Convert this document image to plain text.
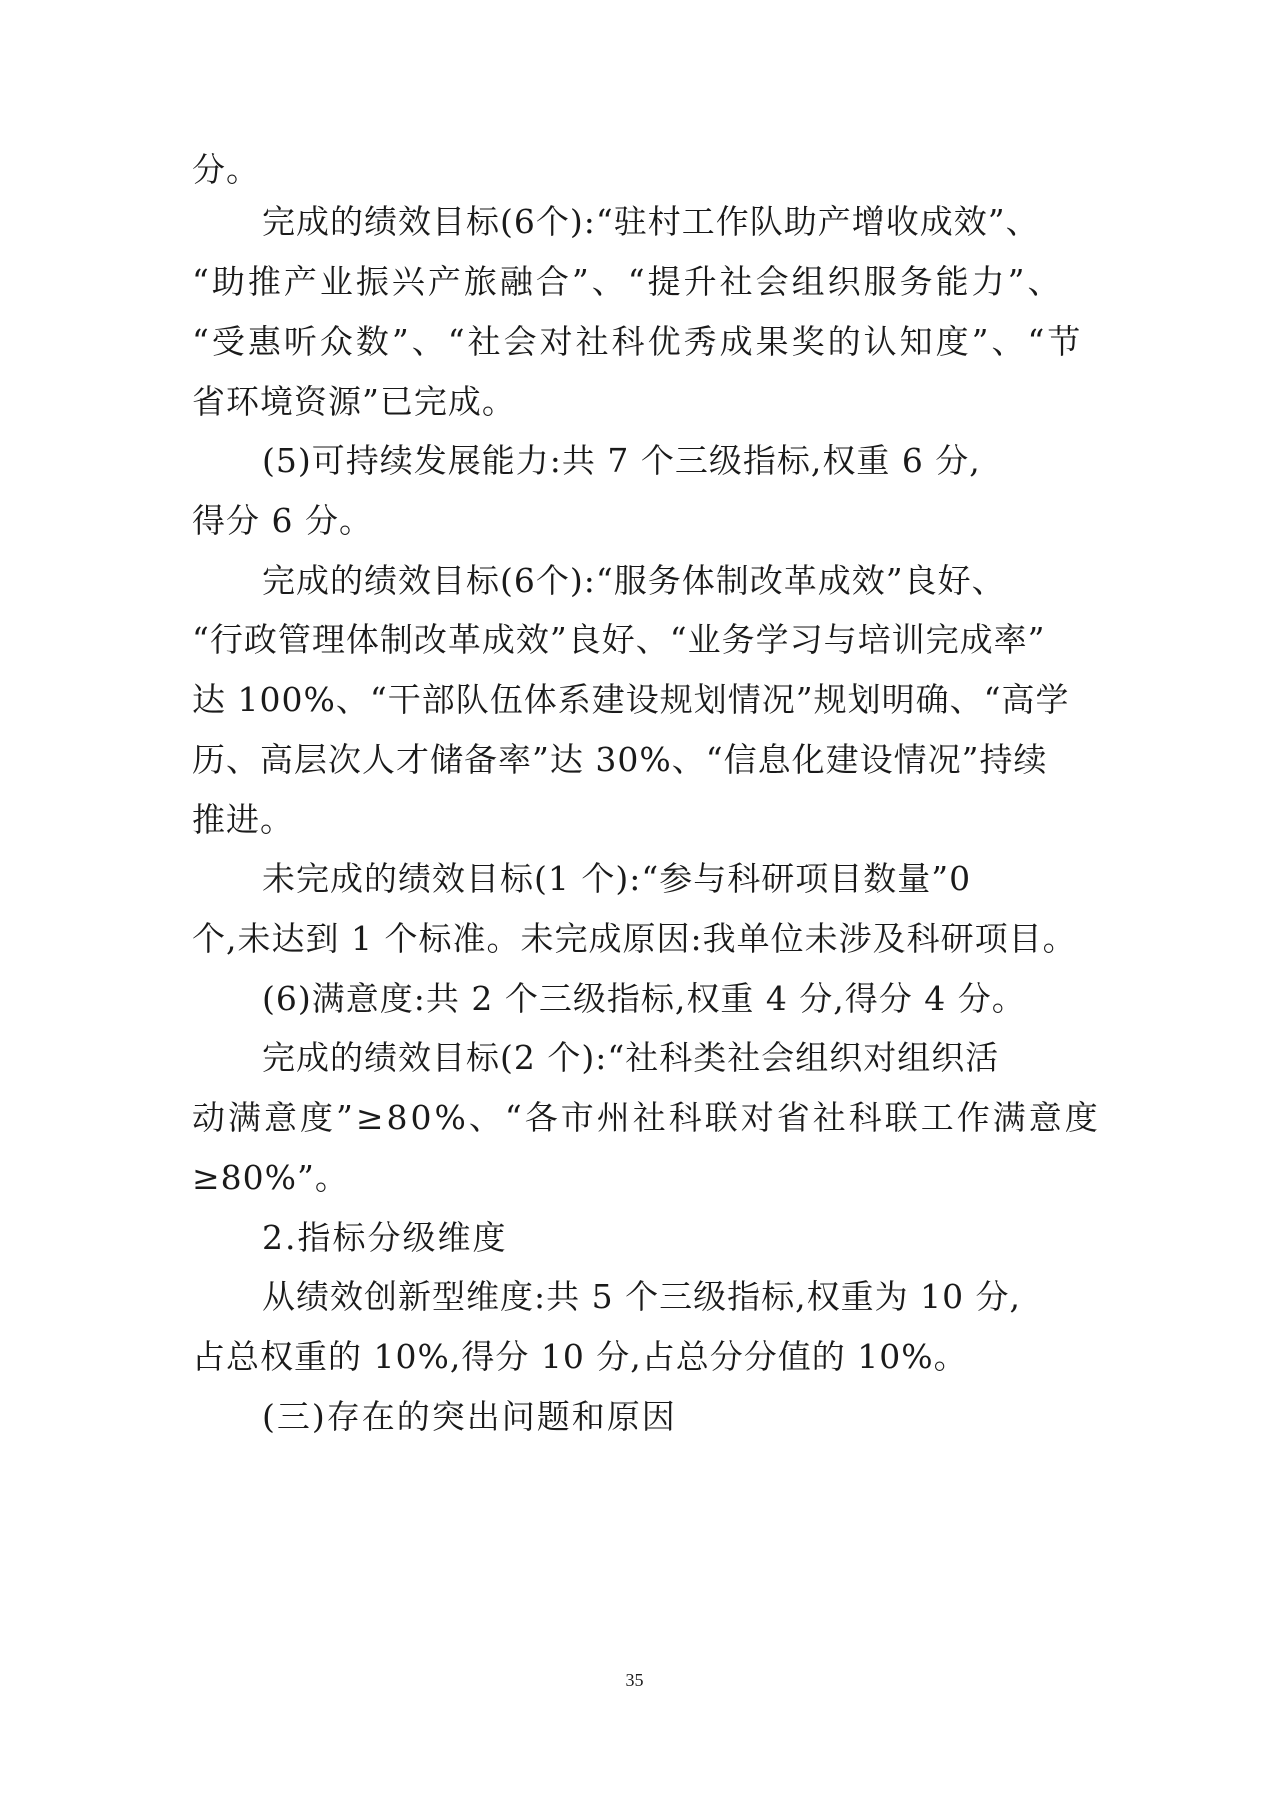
分。
完成的绩效目标(6个):“驻村工作队助产增收成效”、
“助推产业振兴产旅融合”、“提升社会组织服务能力”、
“受惠听众数”、“社会对社科优秀成果奖的认知度”、“节
省环境资源”已完成。
(5)可持续发展能力:共 7 个三级指标,权重 6 分,
得分 6 分。
完成的绩效目标(6个):“服务体制改革成效”良好、
“行政管理体制改革成效”良好、“业务学习与培训完成率”
达 100%、“干部队伍体系建设规划情况”规划明确、“高学
历、高层次人才储备率”达 30%、“信息化建设情况”持续
推进。
未完成的绩效目标(1 个):“参与科研项目数量”0
个,未达到 1 个标准。未完成原因:我单位未涉及科研项目。
(6)满意度:共 2 个三级指标,权重 4 分,得分 4 分。
完成的绩效目标(2 个):“社科类社会组织对组织活
动满意度”≥80%、“各市州社科联对省社科联工作满意度
≥80%”。
2.指标分级维度
从绩效创新型维度:共 5 个三级指标,权重为 10 分,
占总权重的 10%,得分 10 分,占总分分值的 10%。
(三)存在的突出问题和原因
35
